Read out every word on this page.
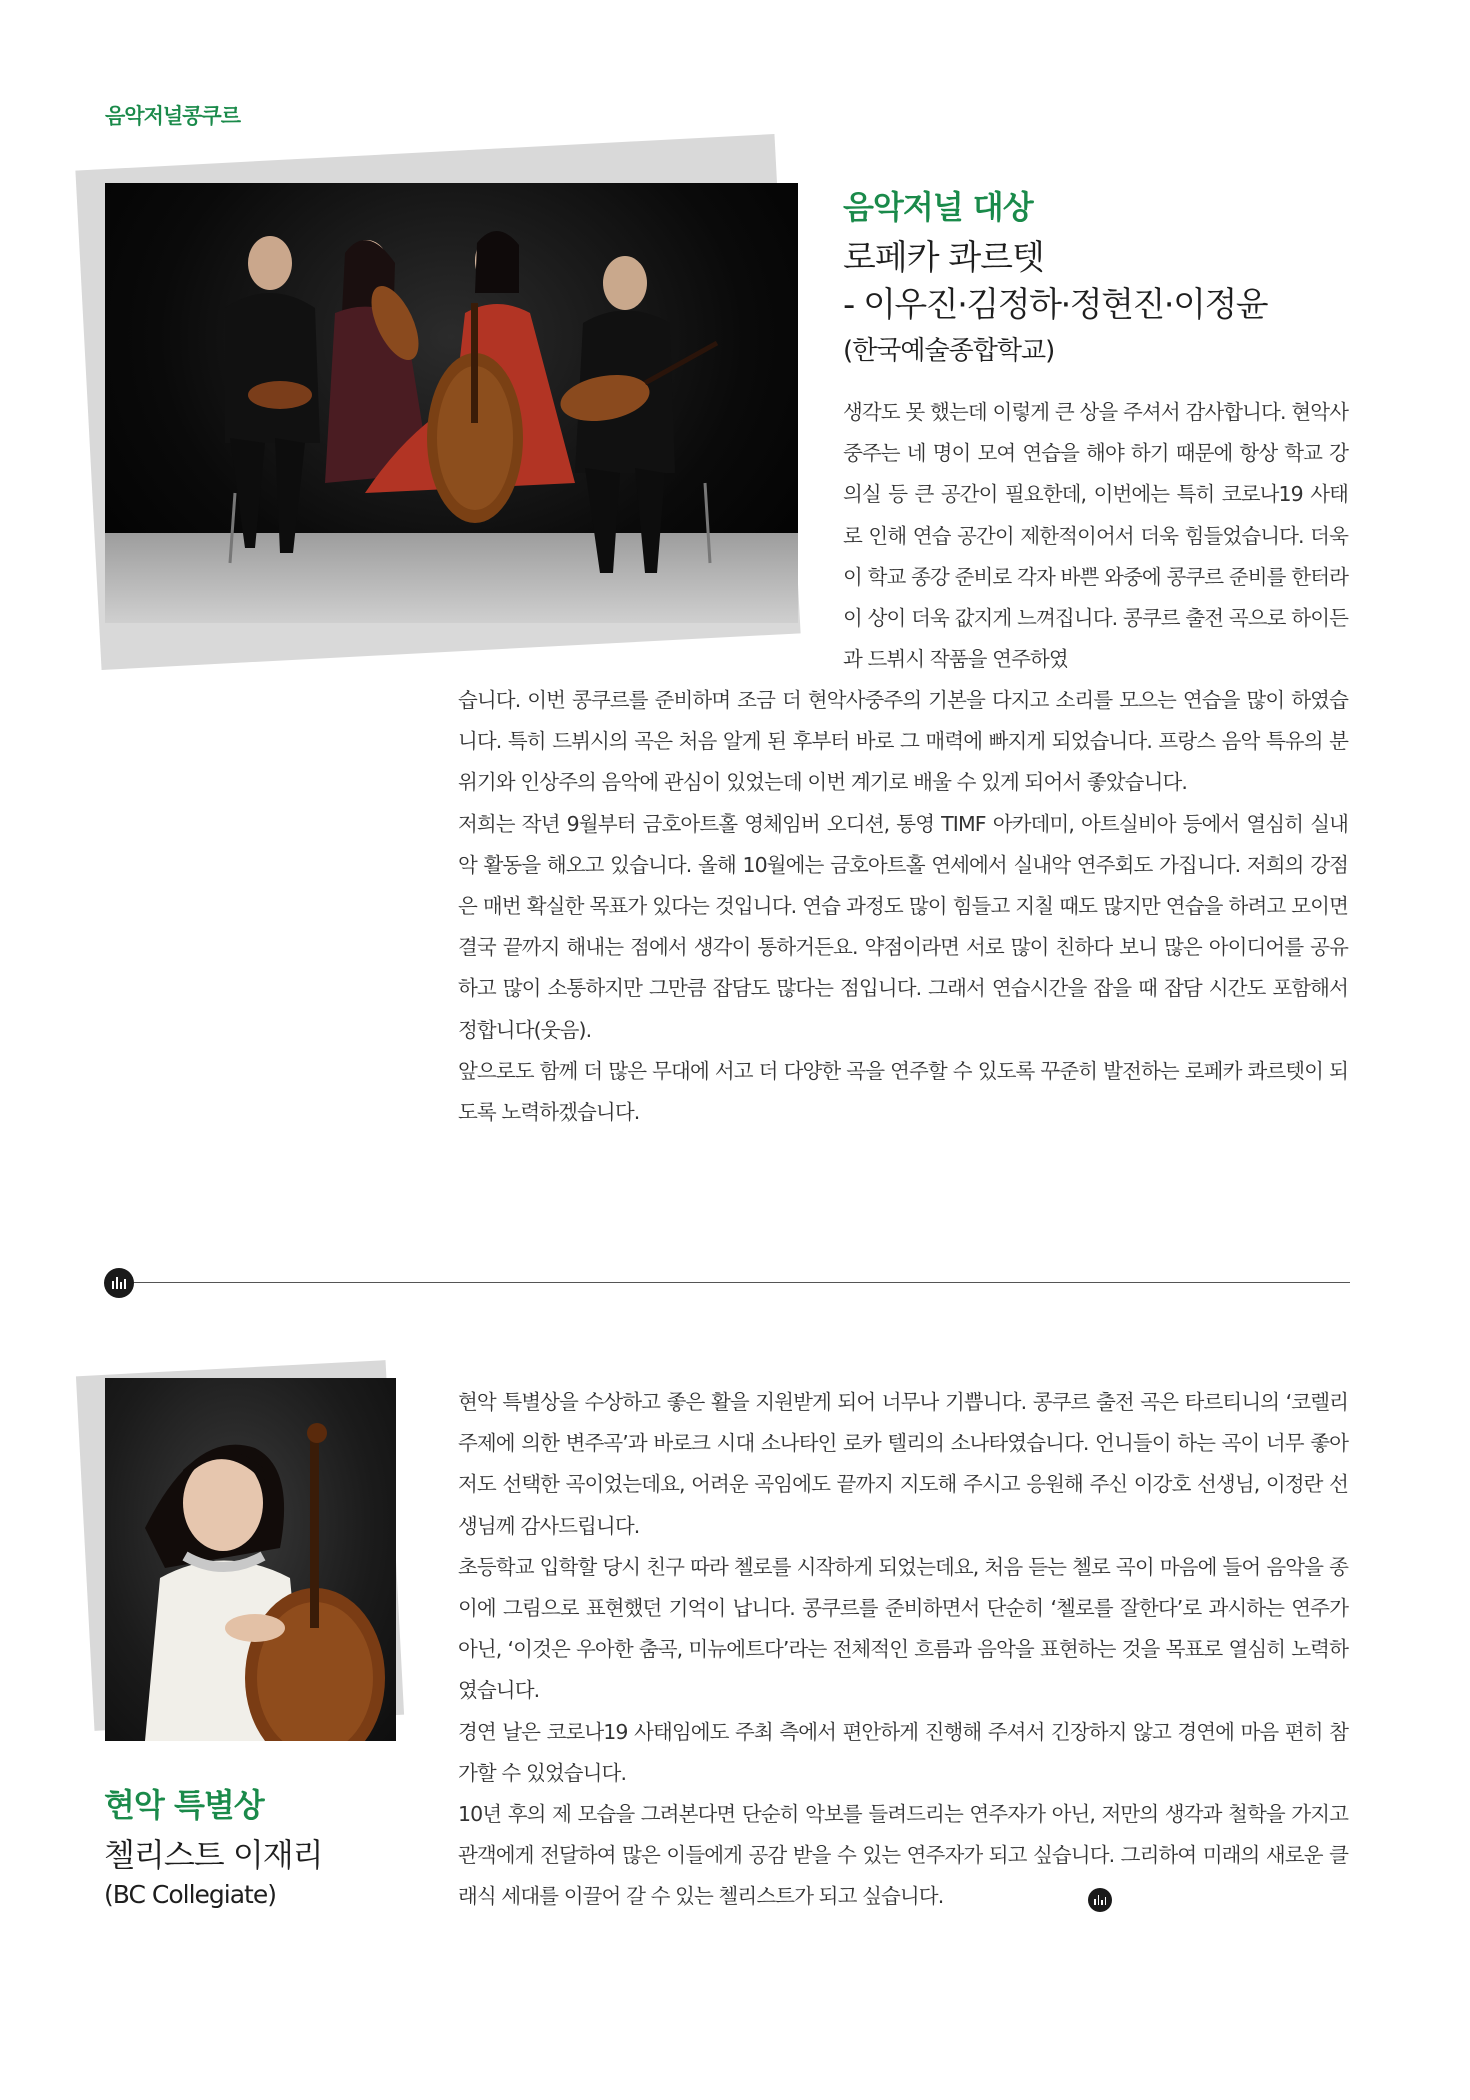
음악저널콩쿠르
음악저널 대상
로페카 콰르텟
- 이우진·김정하·정현진·이정윤
(한국예술종합학교)

생각도 못 했는데 이렇게 큰 상을 주셔서 감사합니다. 현악사중주는 네 명이 모여 연습을 해야 하기 때문에 항상 학교 강의실 등 큰 공간이 필요한데, 이번에는 특히 코로나19 사태로 인해 연습 공간이 제한적이어서 더욱 힘들었습니다. 더욱이 학교 종강 준비로 각자 바쁜 와중에 콩쿠르 준비를 한터라 이 상이 더욱 값지게 느껴집니다. 콩쿠르 출전 곡으로 하이든과 드뷔시 작품을 연주하였

습니다. 이번 콩쿠르를 준비하며 조금 더 현악사중주의 기본을 다지고 소리를 모으는 연습을 많이 하였습니다. 특히 드뷔시의 곡은 처음 알게 된 후부터 바로 그 매력에 빠지게 되었습니다. 프랑스 음악 특유의 분위기와 인상주의 음악에 관심이 있었는데 이번 계기로 배울 수 있게 되어서 좋았습니다.

저희는 작년 9월부터 금호아트홀 영체임버 오디션, 통영 TIMF 아카데미, 아트실비아 등에서 열심히 실내악 활동을 해오고 있습니다. 올해 10월에는 금호아트홀 연세에서 실내악 연주회도 가집니다. 저희의 강점은 매번 확실한 목표가 있다는 것입니다. 연습 과정도 많이 힘들고 지칠 때도 많지만 연습을 하려고 모이면 결국 끝까지 해내는 점에서 생각이 통하거든요. 약점이라면 서로 많이 친하다 보니 많은 아이디어를 공유하고 많이 소통하지만 그만큼 잡담도 많다는 점입니다. 그래서 연습시간을 잡을 때 잡담 시간도 포함해서 정합니다(웃음).

앞으로도 함께 더 많은 무대에 서고 더 다양한 곡을 연주할 수 있도록 꾸준히 발전하는 로페카 콰르텟이 되도록 노력하겠습니다.

현악 특별상
첼리스트 이재리
(BC Collegiate)

현악 특별상을 수상하고 좋은 활을 지원받게 되어 너무나 기쁩니다. 콩쿠르 출전 곡은 타르티니의 ‘코렐리 주제에 의한 변주곡’과 바로크 시대 소나타인 로카 텔리의 소나타였습니다. 언니들이 하는 곡이 너무 좋아 저도 선택한 곡이었는데요, 어려운 곡임에도 끝까지 지도해 주시고 응원해 주신 이강호 선생님, 이정란 선생님께 감사드립니다.

초등학교 입학할 당시 친구 따라 첼로를 시작하게 되었는데요, 처음 듣는 첼로 곡이 마음에 들어 음악을 종이에 그림으로 표현했던 기억이 납니다. 콩쿠르를 준비하면서 단순히 ‘첼로를 잘한다’로 과시하는 연주가 아닌, ‘이것은 우아한 춤곡, 미뉴에트다’라는 전체적인 흐름과 음악을 표현하는 것을 목표로 열심히 노력하였습니다.

경연 날은 코로나19 사태임에도 주최 측에서 편안하게 진행해 주셔서 긴장하지 않고 경연에 마음 편히 참가할 수 있었습니다.

10년 후의 제 모습을 그려본다면 단순히 악보를 들려드리는 연주자가 아닌, 저만의 생각과 철학을 가지고 관객에게 전달하여 많은 이들에게 공감 받을 수 있는 연주자가 되고 싶습니다. 그리하여 미래의 새로운 클래식 세대를 이끌어 갈 수 있는 첼리스트가 되고 싶습니다.
